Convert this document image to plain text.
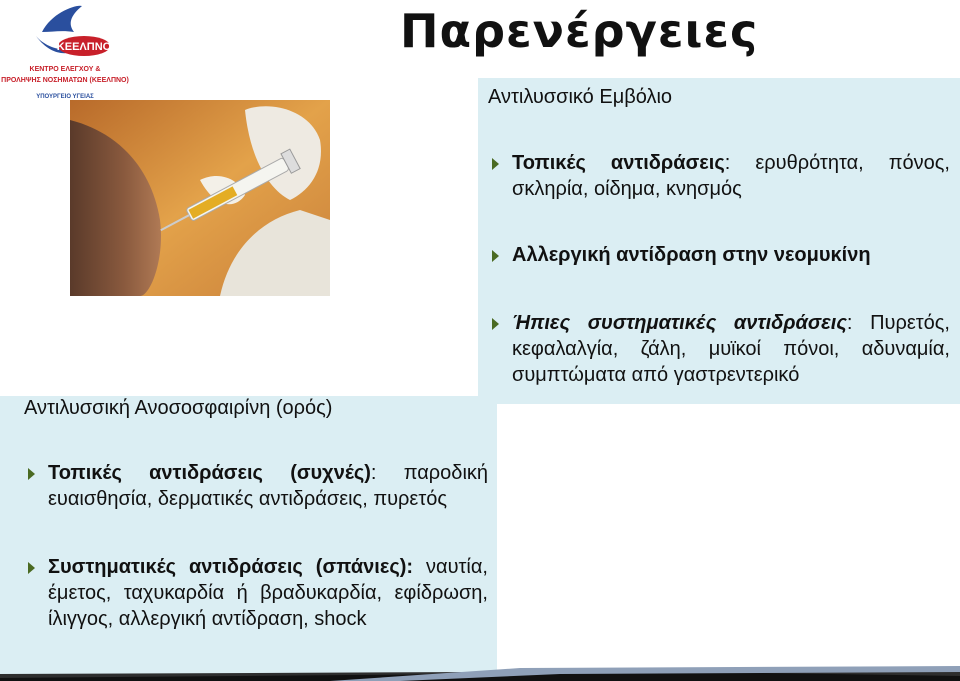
ΚΕΕΛΠΝΟ
ΚΕΝΤΡΟ ΕΛΕΓΧΟΥ &
ΠΡΟΛΗΨΗΣ ΝΟΣΗΜΑΤΩΝ (ΚΕΕΛΠΝΟ)
ΥΠΟΥΡΓΕΙΟ ΥΓΕΙΑΣ
Παρενέργειες
Αντιλυσσικό Εμβόλιο
Τοπικές αντιδράσεις: ερυθρότητα, πόνος, σκληρία, οίδημα, κνησμός
Αλλεργική αντίδραση στην νεομυκίνη
Ήπιες συστηματικές αντιδράσεις: Πυρετός, κεφαλαλγία, ζάλη, μυϊκοί πόνοι, αδυναμία, συμπτώματα από γαστρεντερικό
Αντιλυσσική Ανοσοσφαιρίνη (ορός)
Τοπικές αντιδράσεις (συχνές): παροδική ευαισθησία, δερματικές αντιδράσεις, πυρετός
Συστηματικές αντιδράσεις (σπάνιες): ναυτία, έμετος, ταχυκαρδία ή βραδυκαρδία, εφίδρωση, ίλιγγος, αλλεργική αντίδραση, shock
